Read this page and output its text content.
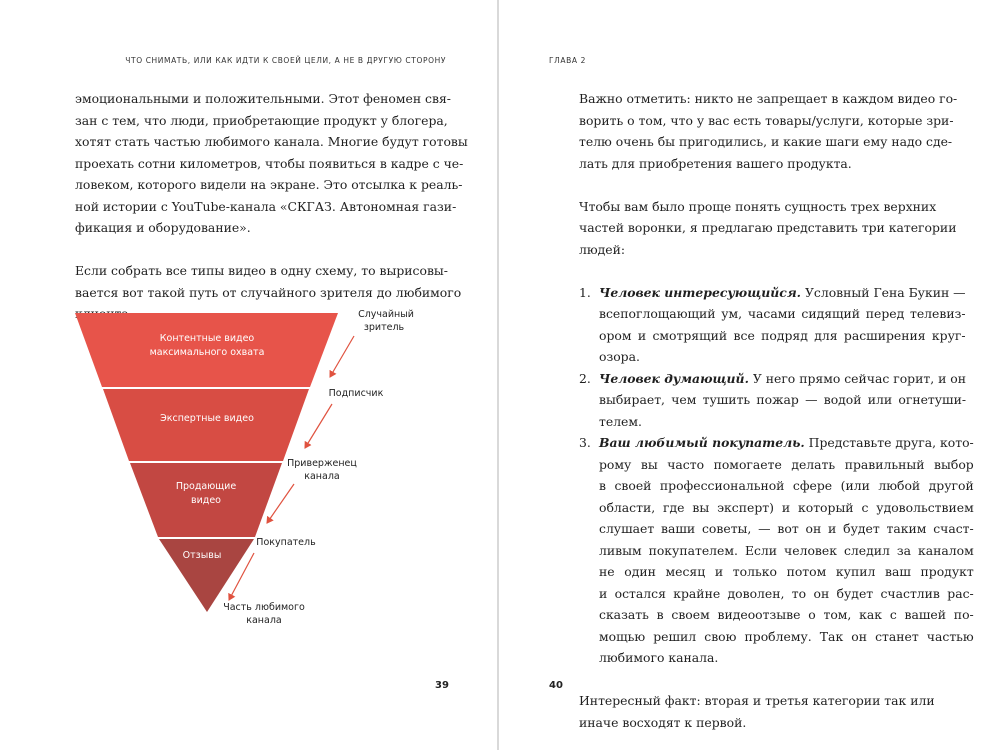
ЧТО СНИМАТЬ, ИЛИ КАК ИДТИ К СВОЕЙ ЦЕЛИ, А НЕ В ДРУГУЮ СТОРОНУ

эмоциональными и положительными. Этот феномен свя-
зан с тем, что люди, приобретающие продукт у блогера,
хотят стать частью любимого канала. Многие будут готовы
проехать сотни километров, чтобы появиться в кадре с че-
ловеком, которого видели на экране. Это отсылка к реаль-
ной истории с YouTube-канала «СКГАЗ. Автономная гази-
фикация и оборудование».

Если собрать все типы видео в одну схему, то вырисовы-
вается вот такой путь от случайного зрителя до любимого

Контентные видео
максимального охвата
Экспертные видео
Продающие
видео
Отзывы
Случайный
зритель
Подписчик
Приверженец
канала
Покупатель
Часть любимого
канала
39
ГЛАВА 2

Важно отметить: никто не запрещает в каждом видео го-
ворить о том, что у вас есть товары/услуги, которые зри-
телю очень бы пригодились, и какие шаги ему надо сде-
лать для приобретения вашего продукта.

Чтобы вам было проще понять сущность трех верхних
частей воронки, я предлагаю представить три категории
людей:

1. Человек интересующийся. Условный Гена Букин —
всепоглощающий ум, часами сидящий перед телевиз-
ором и смотрящий все подряд для расширения круг-
озора.
2. Человек думающий. У него прямо сейчас горит, и он
выбирает, чем тушить пожар — водой или огнетуши-
телем.
3. Ваш любимый покупатель. Представьте друга, кото-
рому вы часто помогаете делать правильный выбор
в своей профессиональной сфере (или любой другой
области, где вы эксперт) и который с удовольствием
слушает ваши советы, — вот он и будет таким счаст-
ливым покупателем. Если человек следил за каналом
не один месяц и только потом купил ваш продукт
и остался крайне доволен, то он будет счастлив рас-
сказать в своем видеоотзыве о том, как с вашей по-
мощью решил свою проблему. Так он станет частью
любимого канала.

Интересный факт: вторая и третья категории так или
иначе восходят к первой.

40
